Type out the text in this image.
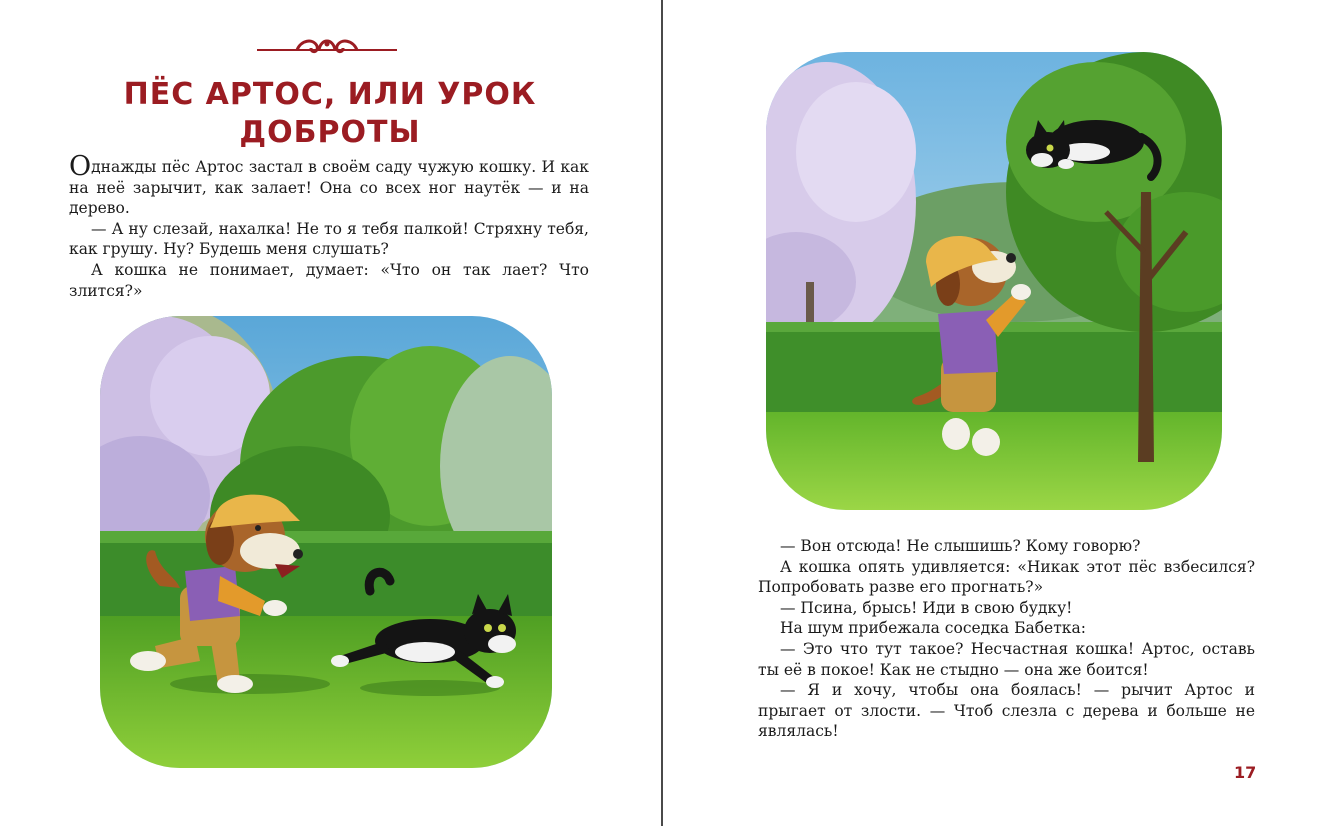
ПЁС АРТОС, ИЛИ УРОК ДОБРОТЫ

Однажды пёс Артос застал в своём саду чужую кошку. И как на неё зарычит, как залает! Она со всех ног наутёк — и на дерево.

— А ну слезай, нахалка! Не то я тебя палкой! Стряхну тебя, как грушу. Ну? Будешь меня слушать?

А кошка не понимает, думает: «Что он так лает? Что злится?»

— Вон отсюда! Не слышишь? Кому говорю?

А кошка опять удивляется: «Никак этот пёс взбесился? Попробовать разве его прогнать?»

— Псина, брысь! Иди в свою будку!

На шум прибежала соседка Бабетка:

— Это что тут такое? Несчастная кошка! Артос, оставь ты её в покое! Как не стыдно — она же боится!

— Я и хочу, чтобы она боялась! — рычит Артос и прыгает от злости. — Чтоб слезла с дерева и больше не являлась!

17
